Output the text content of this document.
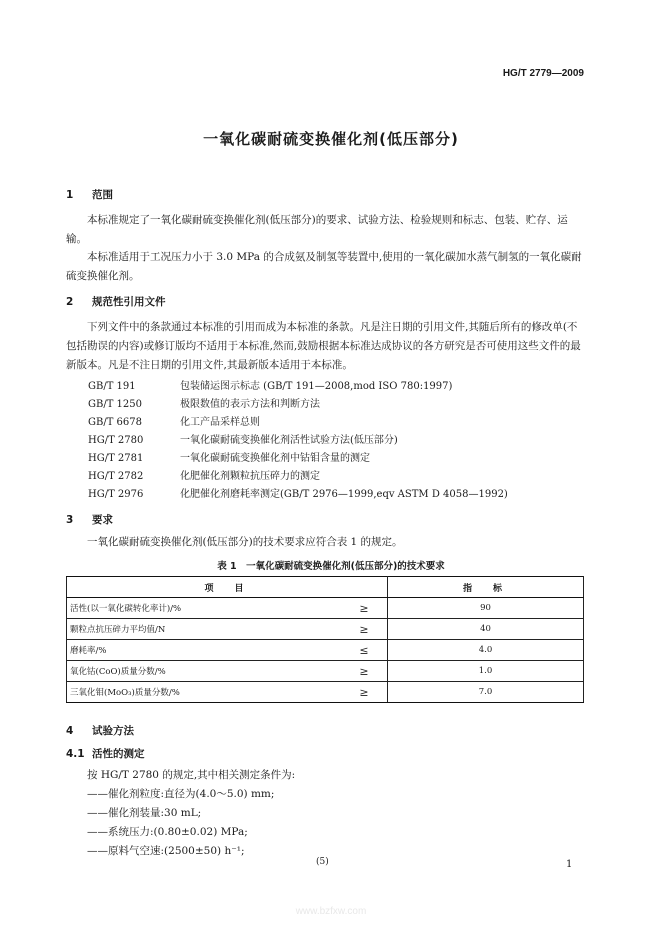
HG/T 2779—2009
一氧化碳耐硫变换催化剂(低压部分)
1 范围
本标准规定了一氧化碳耐硫变换催化剂(低压部分)的要求、试验方法、检验规则和标志、包装、贮存、运输。
本标准适用于工况压力小于 3.0 MPa 的合成氨及制氢等装置中,使用的一氧化碳加水蒸气制氢的一氧化碳耐硫变换催化剂。
2 规范性引用文件
下列文件中的条款通过本标准的引用而成为本标准的条款。凡是注日期的引用文件,其随后所有的修改单(不包括勘误的内容)或修订版均不适用于本标准,然而,鼓励根据本标准达成协议的各方研究是否可使用这些文件的最新版本。凡是不注日期的引用文件,其最新版本适用于本标准。
GB/T 191	包装储运图示标志 (GB/T 191—2008,mod ISO 780:1997)
GB/T 1250	极限数值的表示方法和判断方法
GB/T 6678	化工产品采样总则
HG/T 2780	一氧化碳耐硫变换催化剂活性试验方法(低压部分)
HG/T 2781	一氧化碳耐硫变换催化剂中钴钼含量的测定
HG/T 2782	化肥催化剂颗粒抗压碎力的测定
HG/T 2976	化肥催化剂磨耗率测定(GB/T 2976—1999,eqv ASTM D 4058—1992)
3 要求
一氧化碳耐硫变换催化剂(低压部分)的技术要求应符合表 1 的规定。
表 1　一氧化碳耐硫变换催化剂(低压部分)的技术要求
项　目		指　标
活性(以一氧化碳转化率计)/%	≥	90
颗粒点抗压碎力平均值/N	≥	40
磨耗率/%	≤	4.0
氧化钴(CoO)质量分数/%	≥	1.0
三氧化钼(MoO₃)质量分数/%	≥	7.0
4 试验方法
4.1 活性的测定
按 HG/T 2780 的规定,其中相关测定条件为:
——催化剂粒度:直径为(4.0～5.0) mm;
——催化剂装量:30 mL;
——系统压力:(0.80±0.02) MPa;
——原料气空速:(2500±50) h⁻¹;
(5)	1
www.bzfxw.com
